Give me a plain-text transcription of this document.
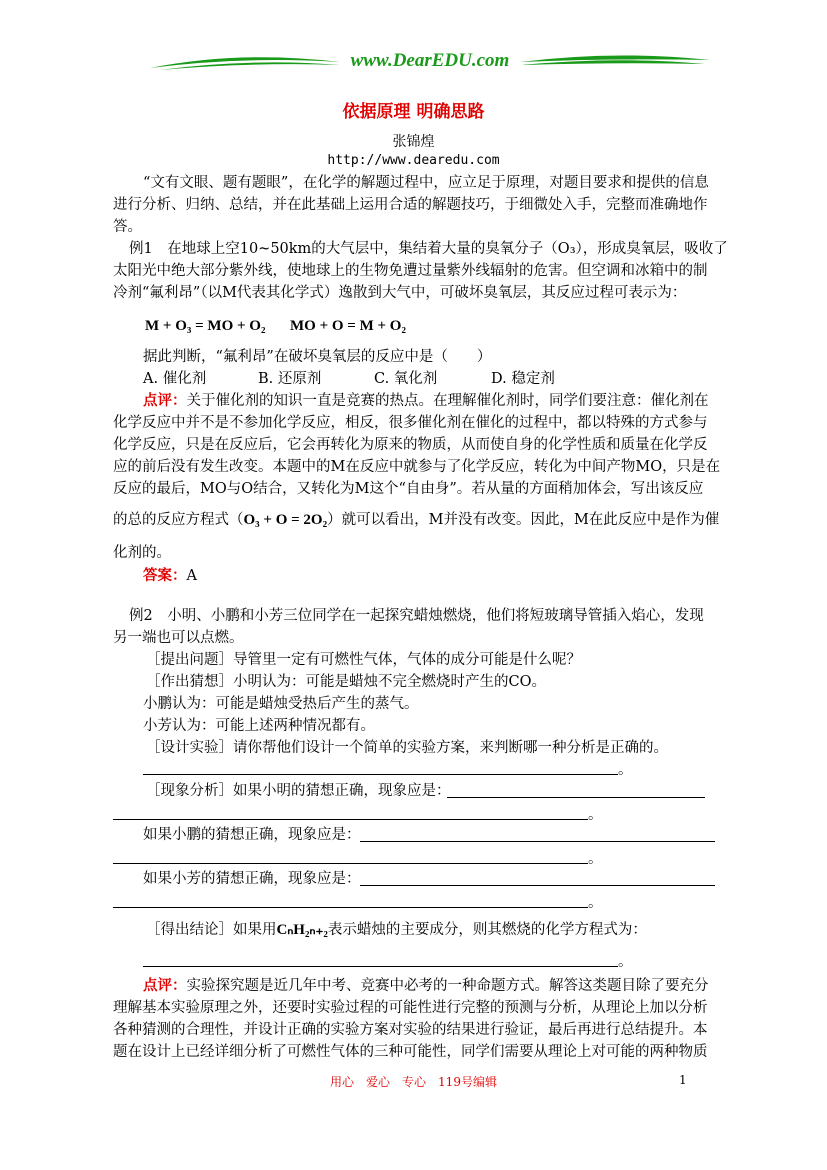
www.DearEDU.com
依据原理 明确思路
张锦煌
http://www.dearedu.com
“文有文眼、题有题眼”，在化学的解题过程中，应立足于原理，对题目要求和提供的信息
进行分析、归纳、总结，并在此基础上运用合适的解题技巧，于细微处入手，完整而准确地作
答。
例1　在地球上空10~50km的大气层中，集结着大量的臭氧分子（O₃），形成臭氧层，吸收了
太阳光中绝大部分紫外线，使地球上的生物免遭过量紫外线辐射的危害。但空调和冰箱中的制
冷剂“氟利昂”（以M代表其化学式）逸散到大气中，可破坏臭氧层，其反应过程可表示为：
M + O₃ = MO + O₂ MO + O = M + O₂
据此判断，“氟利昂”在破坏臭氧层的反应中是（　　）
A. 催化剂	B. 还原剂	C. 氧化剂	D. 稳定剂
点评：关于催化剂的知识一直是竞赛的热点。在理解催化剂时，同学们要注意：催化剂在
化学反应中并不是不参加化学反应，相反，很多催化剂在催化的过程中，都以特殊的方式参与
化学反应，只是在反应后，它会再转化为原来的物质，从而使自身的化学性质和质量在化学反
应的前后没有发生改变。本题中的M在反应中就参与了化学反应，转化为中间产物MO，只是在
反应的最后，MO与O结合，又转化为M这个“自由身”。若从量的方面稍加体会，写出该反应
的总的反应方程式（O₃ + O = 2O₂）就可以看出，M并没有改变。因此，M在此反应中是作为催
化剂的。
答案：A
例2　小明、小鹏和小芳三位同学在一起探究蜡烛燃烧，他们将短玻璃导管插入焰心，发现
另一端也可以点燃。
［提出问题］导管里一定有可燃性气体，气体的成分可能是什么呢？
［作出猜想］小明认为：可能是蜡烛不完全燃烧时产生的CO。
小鹏认为：可能是蜡烛受热后产生的蒸气。
小芳认为：可能上述两种情况都有。
［设计实验］请你帮他们设计一个简单的实验方案，来判断哪一种分析是正确的。
。
［现象分析］如果小明的猜想正确，现象应是：
。
如果小鹏的猜想正确，现象应是：
。
如果小芳的猜想正确，现象应是：
。
［得出结论］如果用CₙH₂ₙ₊₂表示蜡烛的主要成分，则其燃烧的化学方程式为：
。
点评：实验探究题是近几年中考、竞赛中必考的一种命题方式。解答这类题目除了要充分
理解基本实验原理之外，还要时实验过程的可能性进行完整的预测与分析，从理论上加以分析
各种猜测的合理性，并设计正确的实验方案对实验的结果进行验证，最后再进行总结提升。本
题在设计上已经详细分析了可燃性气体的三种可能性，同学们需要从理论上对可能的两种物质
用心　爱心　专心　119号编辑	1
